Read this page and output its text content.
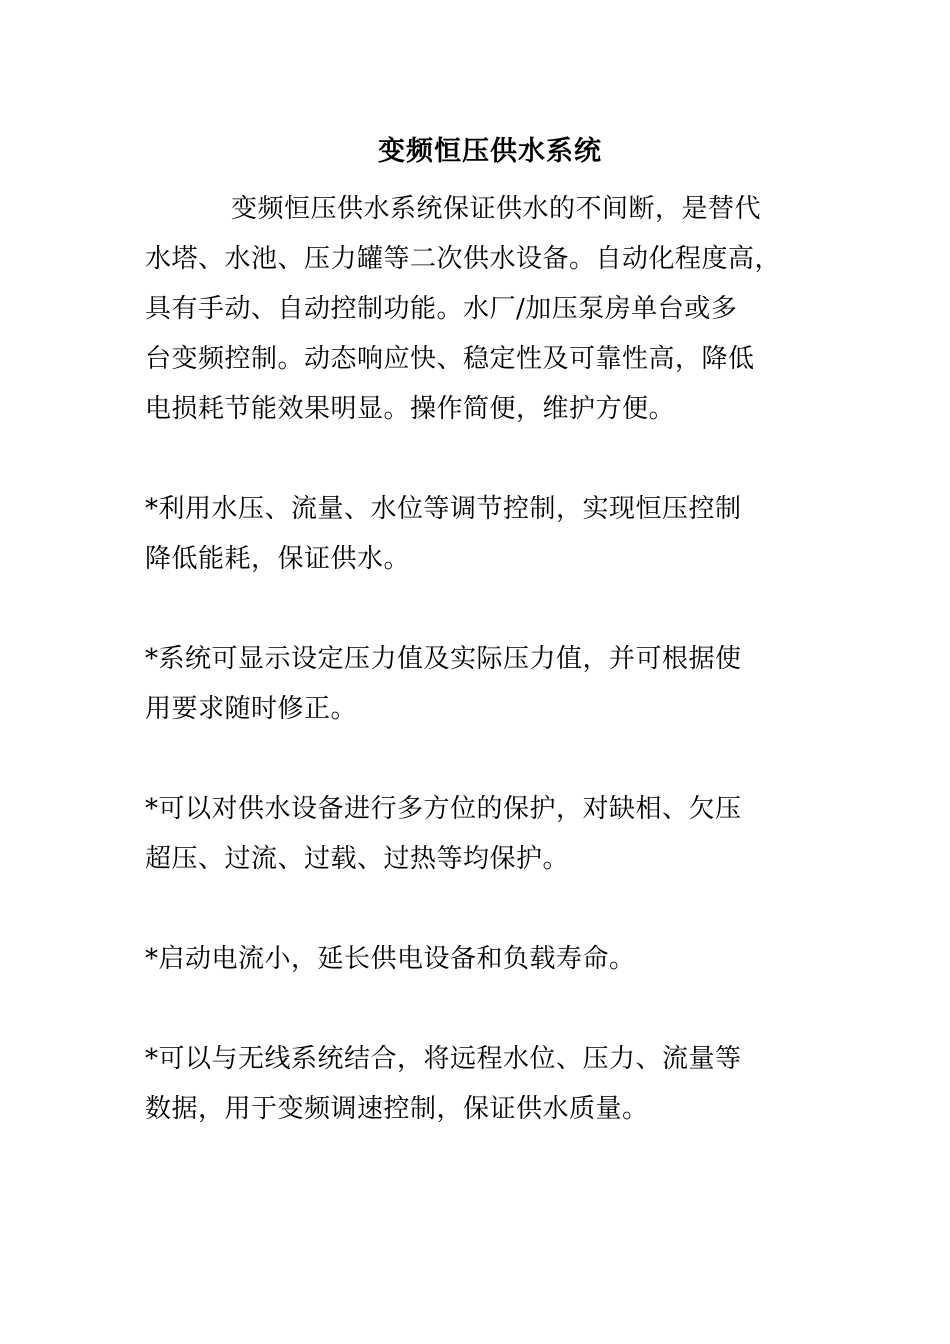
变频恒压供水系统
变频恒压供水系统保证供水的不间断，是替代
水塔、水池、压力罐等二次供水设备。自动化程度高，
具有手动、自动控制功能。水厂/加压泵房单台或多
台变频控制。动态响应快、稳定性及可靠性高，降低
电损耗节能效果明显。操作简便，维护方便。
*利用水压、流量、水位等调节控制，实现恒压控制
降低能耗，保证供水。
*系统可显示设定压力值及实际压力值，并可根据使
用要求随时修正。
*可以对供水设备进行多方位的保护，对缺相、欠压
超压、过流、过载、过热等均保护。
*启动电流小，延长供电设备和负载寿命。
*可以与无线系统结合，将远程水位、压力、流量等
数据，用于变频调速控制，保证供水质量。
